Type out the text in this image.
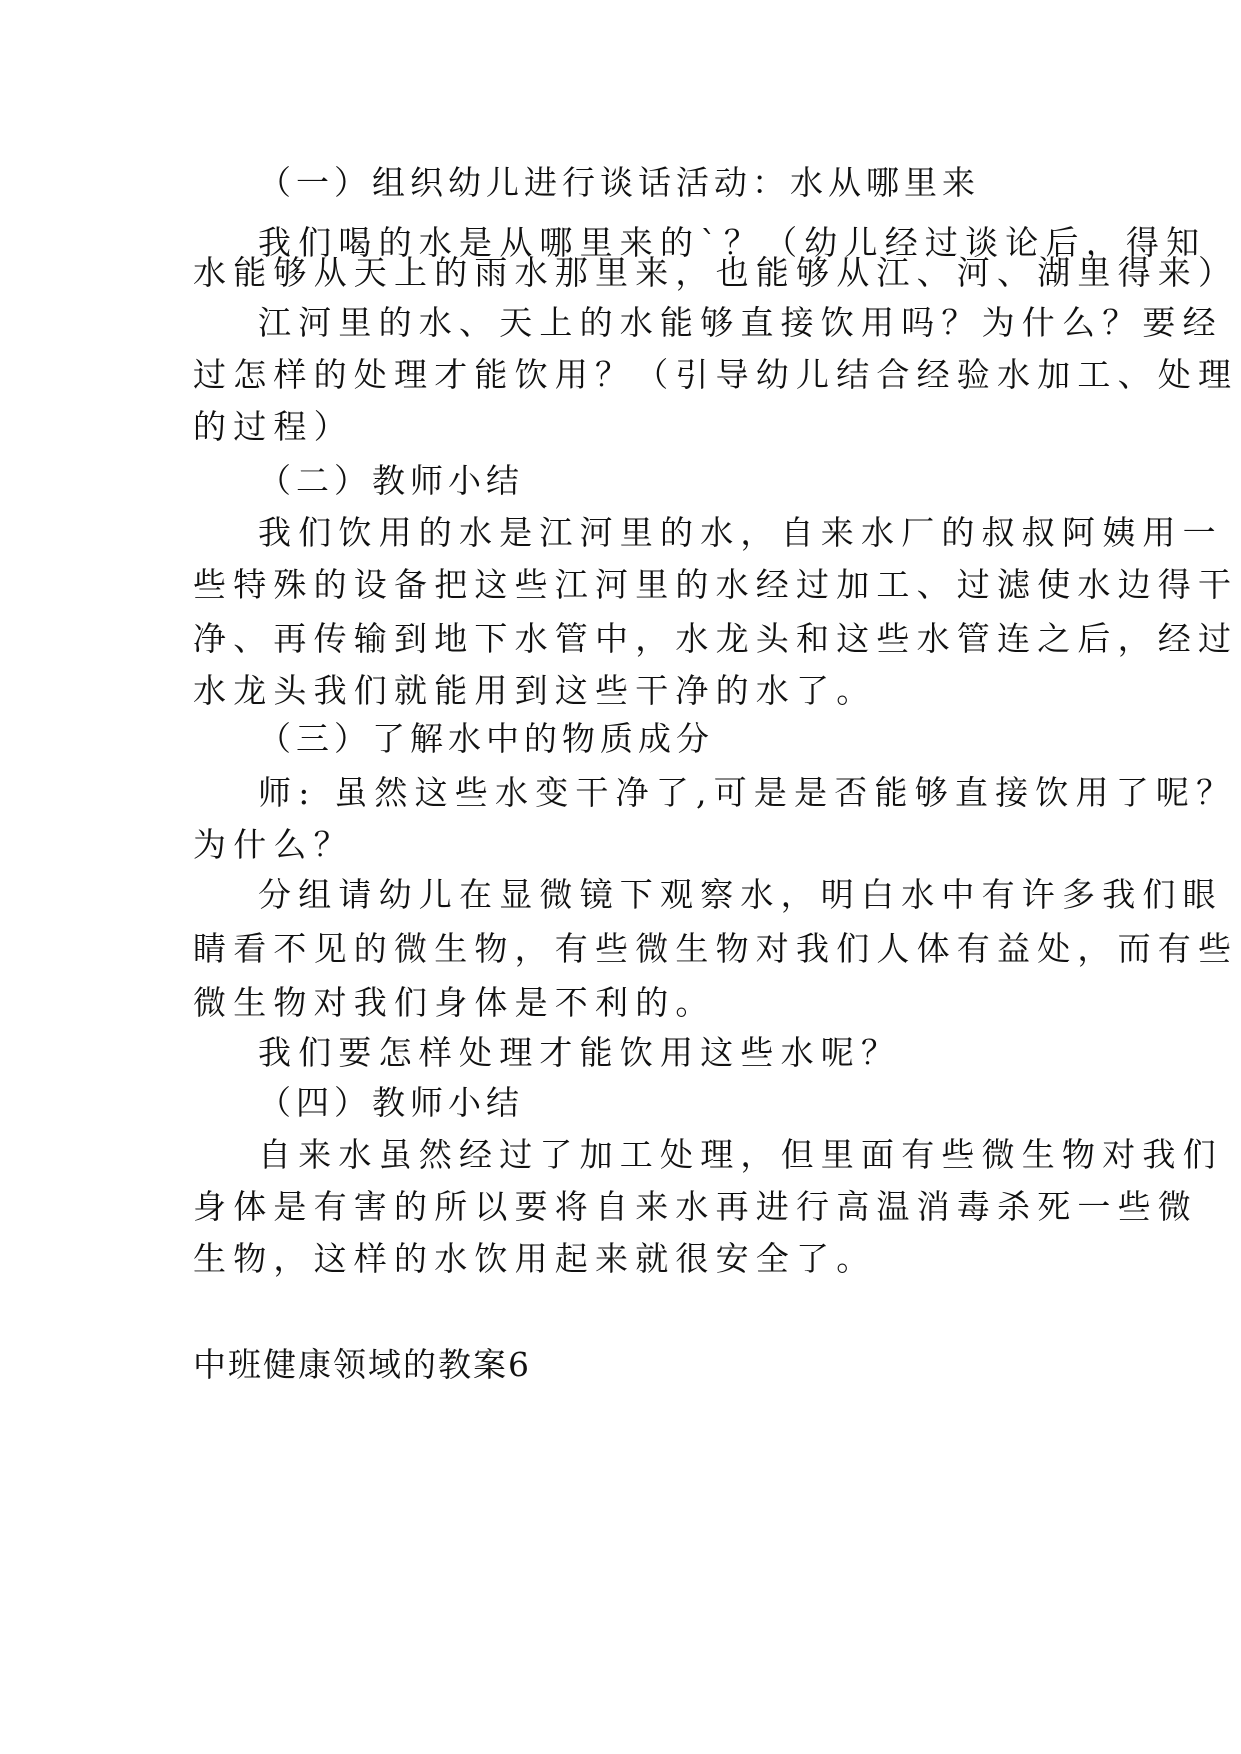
（一）组织幼儿进行谈话活动：水从哪里来
我们喝的水是从哪里来的`？（幼儿经过谈论后，得知
水能够从天上的雨水那里来，也能够从江、河、湖里得来）
江河里的水、天上的水能够直接饮用吗？为什么？要经
过怎样的处理才能饮用？（引导幼儿结合经验水加工、处理
的过程）
（二）教师小结
我们饮用的水是江河里的水，自来水厂的叔叔阿姨用一
些特殊的设备把这些江河里的水经过加工、过滤使水边得干
净、再传输到地下水管中，水龙头和这些水管连之后，经过
水龙头我们就能用到这些干净的水了。
（三）了解水中的物质成分
师: 虽然这些水变干净了,可是是否能够直接饮用了呢？
为什么？
分组请幼儿在显微镜下观察水，明白水中有许多我们眼
睛看不见的微生物，有些微生物对我们人体有益处，而有些
微生物对我们身体是不利的。
我们要怎样处理才能饮用这些水呢？
（四）教师小结
自来水虽然经过了加工处理，但里面有些微生物对我们
身体是有害的所以要将自来水再进行高温消毒杀死一些微
生物，这样的水饮用起来就很安全了。
中班健康领域的教案6
